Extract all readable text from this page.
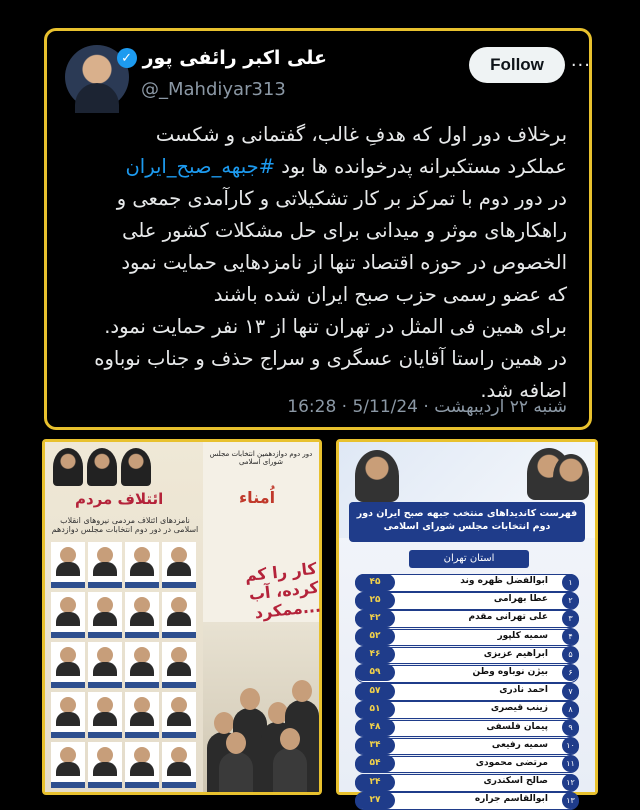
علی اکبر رائفی پور
✓
@_Mahdiyar313
Follow	···

برخلاف دور اول که هدفِ غالب، گفتمانی و شکست

عملکرد مستکبرانه پدرخوانده ها بود #جبهه_صبح_ایران

در دور دوم با تمرکز بر کار تشکیلاتی و کارآمدی جمعی و

راهکارهای موثر و میدانی برای حل مشکلات کشور علی

الخصوص در حوزه اقتصاد تنها از نامزدهایی حمایت نمود

که عضو رسمی حزب صبح ایران شده باشند

برای همین فی المثل در تهران تنها از ۱۳ نفر حمایت نمود.

در همین راستا آقایان عسگری و سراج حذف و جناب نوباوه

اضافه شد.

شنبه ۲۲ اردیبهشت · 16:28 · 5/11/24
ائتلاف مردم
نامزدهای ائتلاف مردمی نیروهای انقلاب اسلامی در دور دوم انتخابات مجلس دوازدهم
دور دوم دوازدهمین انتخابات مجلس شورای اسلامی
اُمناء
کار را کم کرده، آب ...ممکرد
فهرست کاندیداهای منتخب جبهه صبح ایران دور دوم انتخابات مجلس شورای اسلامی
استان تهران
۱
ابوالفضل ظهره وند
۴۵
۲
عطا بهرامی
۲۵
۳
علی تهرانی مقدم
۴۲
۴
سمیه کلپور
۵۲
۵
ابراهیم عزیزی
۴۶
۶
بیژن نوباوه وطن
۵۹
۷
احمد نادری
۵۷
۸
زینب قیصری
۵۱
۹
پیمان فلسفی
۴۸
۱۰
سمیه رفیعی
۳۴
۱۱
مرتضی محمودی
۵۴
۱۲
صالح اسکندری
۲۴
۱۳
ابوالقاسم جراره
۲۷
